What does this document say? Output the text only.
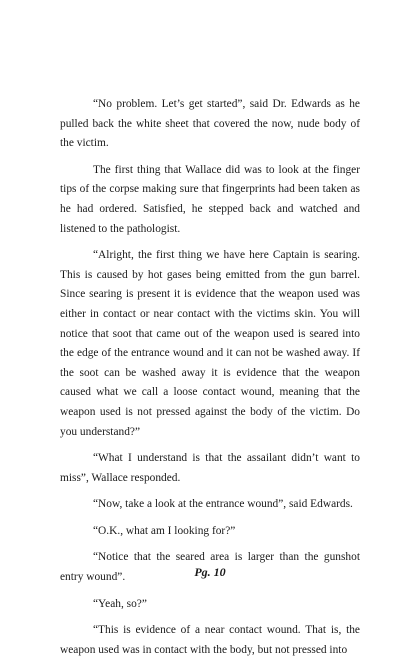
“No problem. Let’s get started”, said Dr. Edwards as he pulled back the white sheet that covered the now, nude body of the victim.

The first thing that Wallace did was to look at the finger tips of the corpse making sure that fingerprints had been taken as he had ordered. Satisfied, he stepped back and watched and listened to the pathologist.

“Alright, the first thing we have here Captain is searing. This is caused by hot gases being emitted from the gun barrel. Since searing is present it is evidence that the weapon used was either in contact or near contact with the victims skin. You will notice that soot that came out of the weapon used is seared into the edge of the entrance wound and it can not be washed away. If the soot can be washed away it is evidence that the weapon caused what we call a loose contact wound, meaning that the weapon used is not pressed against the body of the victim. Do you understand?”

“What I understand is that the assailant didn’t want to miss”, Wallace responded.

“Now, take a look at the entrance wound”, said Edwards.

“O.K., what am I looking for?”

“Notice that the seared area is larger than the gunshot entry wound”.

“Yeah, so?”

“This is evidence of a near contact wound. That is, the weapon used was in contact with the body, but not pressed into

Pg. 10
